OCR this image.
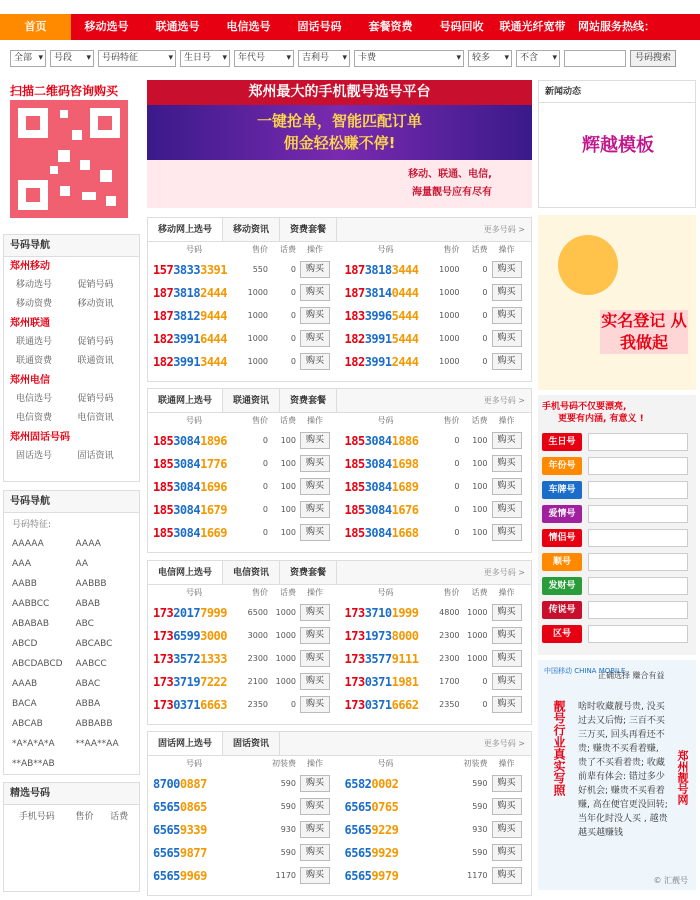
首页	移动选号	联通选号	电信选号	固话号码	套餐资费	号码回收	联通光纤宽带	网站服务热线：
全部 ▾	号段 ▾	号码特征 ▾	生日号 ▾	年代号 ▾	吉利号 ▾	卡费 ▾	较多 ▾	不含 ▾	号码搜索
扫描二维码咨询购买
号码导航
郑州移动
移动选号	促销号码
移动资费	移动资讯
郑州联通
联通选号	促销号码
联通资费	联通资讯
郑州电信
电信选号	促销号码
电信资费	电信资讯
郑州固话号码
固话选号	固话资讯
号码导航
号码特征:
AAAAA	AAAA
AAA	AA
AABB	AABBB
AABBCC	ABAB
ABABAB	ABC
ABCD	ABCABC
ABCDABCD	AABCC
AAAB	ABAC
BACA	ABBA
ABCAB	ABBABB
*A*A*A*A	**AA**AA
**AB**AB
精选号码
手机号码	售价	话费
郑州最大的手机靓号选号平台
一键抢单，智能匹配订单
佣金轻松赚不停!
移动、联通、电信,
海量靓号应有尽有
移动网上选号	移动资讯	资费套餐	更多号码 >
号码	售价	话费	操作	号码	售价	话费	操作
15738333391	550	0	购买	18738183444	1000	0	购买
18738182444	1000	0	购买	18738140444	1000	0	购买
18738129444	1000	0	购买	18339965444	1000	0	购买
18239916444	1000	0	购买	18239915444	1000	0	购买
18239913444	1000	0	购买	18239912444	1000	0	购买
联通网上选号	联通资讯	资费套餐	更多号码 >
号码	售价	话费	操作	号码	售价	话费	操作
18530841896	0	100	购买	18530841886	0	100	购买
18530841776	0	100	购买	18530841698	0	100	购买
18530841696	0	100	购买	18530841689	0	100	购买
18530841679	0	100	购买	18530841676	0	100	购买
18530841669	0	100	购买	18530841668	0	100	购买
电信网上选号	电信资讯	资费套餐	更多号码 >
号码	售价	话费	操作	号码	售价	话费	操作
17320177999	6500 1000	购买	17337101999	4800 1000	购买
17365993000	3000 1000	购买	17319738000	2300 1000	购买
17335721333	2300 1000	购买	17335779111	2300 1000	购买
17337197222	2100 1000	购买	17303711981	1700	0	购买
17303716663	2350	0	购买	17303716662	2350	0	购买
固话网上选号	固话资讯	更多号码 >
号码	初装费	操作	号码	初装费	操作
87000887	590	购买	65820002	590	购买
65650865	590	购买	65650765	590	购买
65659339	930	购买	65659229	930	购买
65659877	590	购买	65659929	590	购买
65659969	1170	购买	65659979	1170	购买
新闻动态
辉越模板
实名登记 从我做起
手机号码不仅要漂亮,
更要有内涵, 有意义 !
生日号
年份号
车牌号
爱情号
情侣号
顺号
发财号
传说号
区号
中国移动 CHINA MOBILE
正确选择 赚合有益
靓号行业真实写照 啥时收藏靓号贵, 没买过去又后悔; 三百不买三万买, 回头再看还不贵; 赚贵不买看着赚, 贵了不买看着贵; 收藏前辈有体会: 错过多少好机会; 赚贵不买看着赚, 高在便官更没回转; 当年化时没人买 , 越贵越买越赚钱
郑州靓号网
© 汇靓号
